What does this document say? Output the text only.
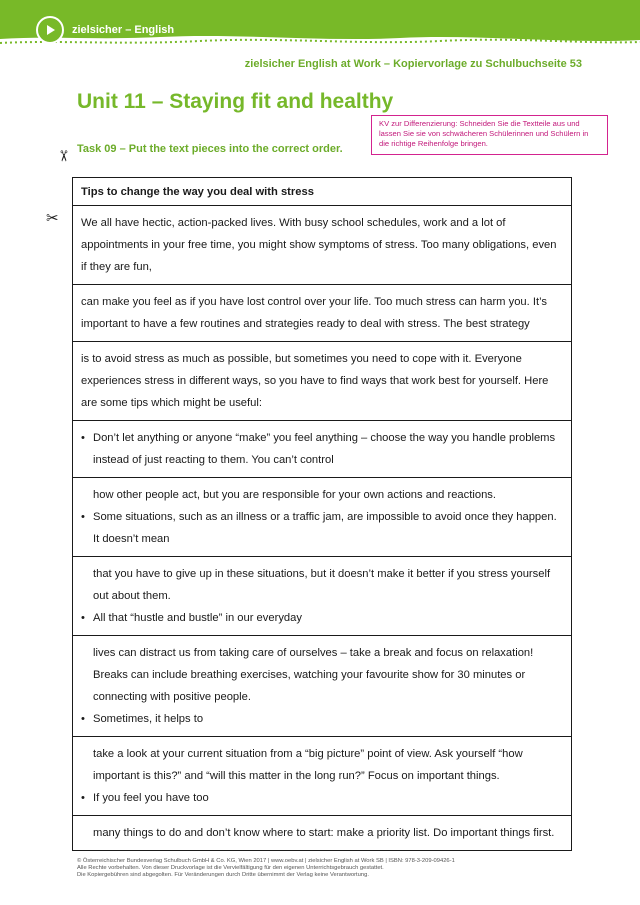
zielsicher – English
zielsicher English at Work – Kopiervorlage zu Schulbuchseite 53
Unit 11 – Staying fit and healthy
KV zur Differenzierung: Schneiden Sie die Textteile aus und lassen Sie sie von schwächeren Schülerinnen und Schülern in die richtige Reihenfolge bringen.
✂
Task 09 – Put the text pieces into the correct order.
✂

Tips to change the way you deal with stress

We all have hectic, action-packed lives. With busy school schedules, work and a lot of appointments in your free time, you might show symptoms of stress. Too many obligations, even if they are fun,

can make you feel as if you have lost control over your life. Too much stress can harm you. It’s important to have a few routines and strategies ready to deal with stress. The best strategy

is to avoid stress as much as possible, but sometimes you need to cope with it. Everyone experiences stress in different ways, so you have to find ways that work best for yourself. Here are some tips which might be useful:

• Don’t let anything or anyone “make” you feel anything – choose the way you handle problems instead of just reacting to them. You can’t control

how other people act, but you are responsible for your own actions and reactions.

• Some situations, such as an illness or a traffic jam, are impossible to avoid once they happen. It doesn’t mean

that you have to give up in these situations, but it doesn’t make it better if you stress yourself out about them.

• All that “hustle and bustle” in our everyday

lives can distract us from taking care of ourselves – take a break and focus on relaxation! Breaks can include breathing exercises, watching your favourite show for 30 minutes or connecting with positive people.

• Sometimes, it helps to

take a look at your current situation from a “big picture” point of view. Ask yourself “how important is this?” and “will this matter in the long run?” Focus on important things.

• If you feel you have too

many things to do and don’t know where to start: make a priority list. Do important things first.

© Österreichischer Bundesverlag Schulbuch GmbH & Co. KG, Wien 2017 | www.oebv.at | zielsicher English at Work SB | ISBN: 978-3-209-09426-1
Alle Rechte vorbehalten. Von dieser Druckvorlage ist die Vervielfältigung für den eigenen Unterrichtsgebrauch gestattet.
Die Kopiergebühren sind abgegolten. Für Veränderungen durch Dritte übernimmt der Verlag keine Verantwortung.
